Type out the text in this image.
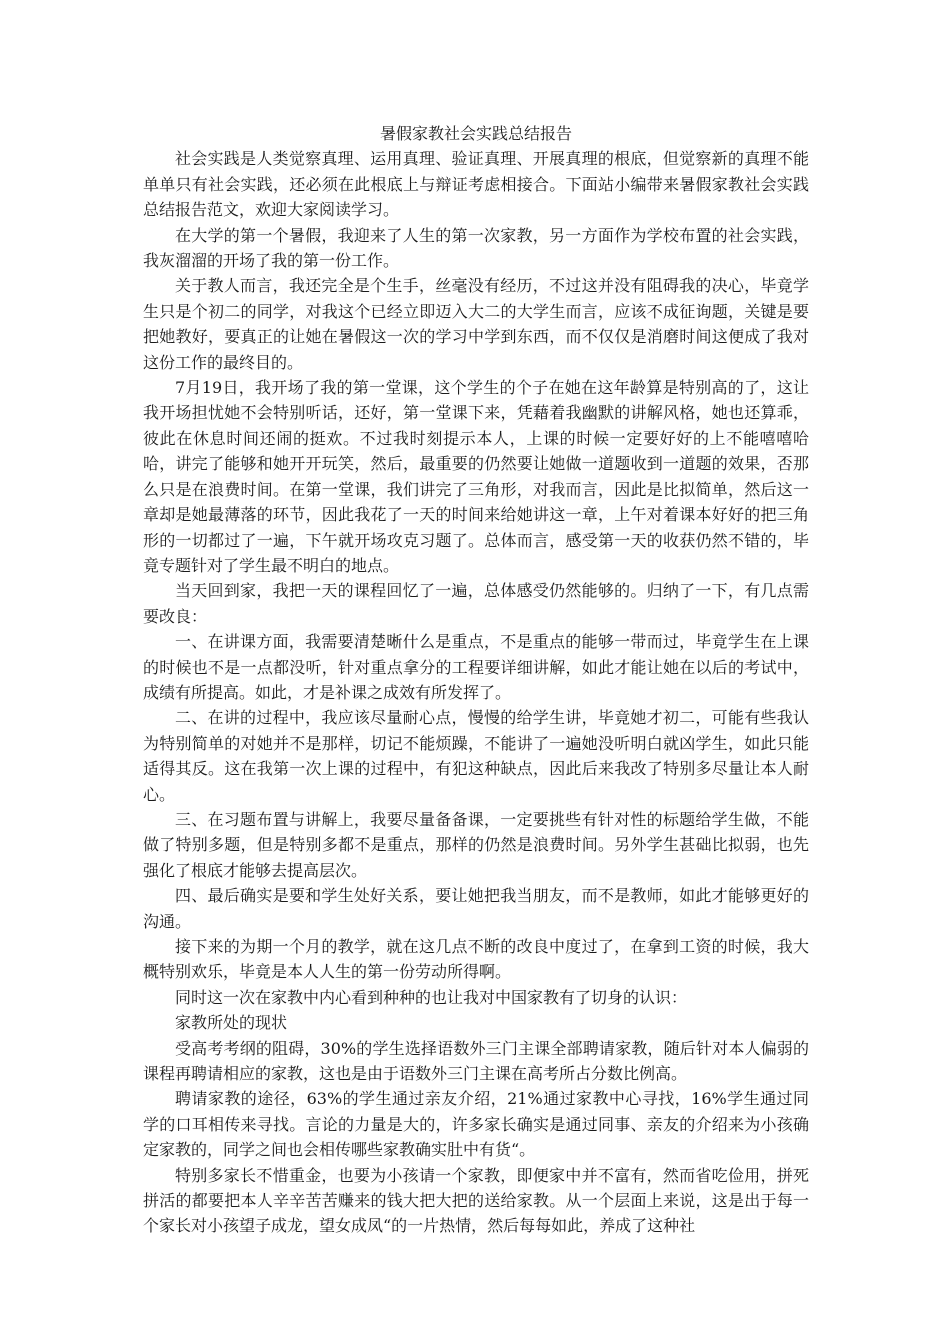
暑假家教社会实践总结报告

社会实践是人类觉察真理、运用真理、验证真理、开展真理的根底，但觉察新的真理不能单单只有社会实践，还必须在此根底上与辩证考虑相接合。下面站小编带来暑假家教社会实践总结报告范文，欢迎大家阅读学习。

在大学的第一个暑假，我迎来了人生的第一次家教，另一方面作为学校布置的社会实践，我灰溜溜的开场了我的第一份工作。

关于教人而言，我还完全是个生手，丝毫没有经历，不过这并没有阻碍我的决心，毕竟学生只是个初二的同学，对我这个已经立即迈入大二的大学生而言，应该不成征询题，关键是要把她教好，要真正的让她在暑假这一次的学习中学到东西，而不仅仅是消磨时间这便成了我对这份工作的最终目的。

7月19日，我开场了我的第一堂课，这个学生的个子在她在这年龄算是特别高的了，这让我开场担忧她不会特别听话，还好，第一堂课下来，凭藉着我幽默的讲解风格，她也还算乖，彼此在休息时间还闹的挺欢。不过我时刻提示本人，上课的时候一定要好好的上不能嘻嘻哈哈，讲完了能够和她开开玩笑，然后，最重要的仍然要让她做一道题收到一道题的效果，否那么只是在浪费时间。在第一堂课，我们讲完了三角形，对我而言，因此是比拟简单，然后这一章却是她最薄落的环节，因此我花了一天的时间来给她讲这一章，上午对着课本好好的把三角形的一切都过了一遍，下午就开场攻克习题了。总体而言，感受第一天的收获仍然不错的，毕竟专题针对了学生最不明白的地点。

当天回到家，我把一天的课程回忆了一遍，总体感受仍然能够的。归纳了一下，有几点需要改良：

一、在讲课方面，我需要清楚晰什么是重点，不是重点的能够一带而过，毕竟学生在上课的时候也不是一点都没听，针对重点拿分的工程要详细讲解，如此才能让她在以后的考试中，成绩有所提高。如此，才是补课之成效有所发挥了。

二、在讲的过程中，我应该尽量耐心点，慢慢的给学生讲，毕竟她才初二，可能有些我认为特别简单的对她并不是那样，切记不能烦躁，不能讲了一遍她没听明白就凶学生，如此只能适得其反。这在我第一次上课的过程中，有犯这种缺点，因此后来我改了特别多尽量让本人耐心。

三、在习题布置与讲解上，我要尽量备备课，一定要挑些有针对性的标题给学生做，不能做了特别多题，但是特别多都不是重点，那样的仍然是浪费时间。另外学生甚础比拟弱，也先强化了根底才能够去提高层次。

四、最后确实是要和学生处好关系，要让她把我当朋友，而不是教师，如此才能够更好的沟通。

接下来的为期一个月的教学，就在这几点不断的改良中度过了，在拿到工资的时候，我大概特别欢乐，毕竟是本人人生的第一份劳动所得啊。

同时这一次在家教中内心看到种种的也让我对中国家教有了切身的认识：

家教所处的现状

受高考考纲的阻碍，30%的学生选择语数外三门主课全部聘请家教，随后针对本人偏弱的课程再聘请相应的家教，这也是由于语数外三门主课在高考所占分数比例高。

聘请家教的途径，63%的学生通过亲友介绍，21%通过家教中心寻找，16%学生通过同学的口耳相传来寻找。言论的力量是大的，许多家长确实是通过同事、亲友的介绍来为小孩确定家教的，同学之间也会相传哪些家教确实肚中有货“。

特别多家长不惜重金，也要为小孩请一个家教，即便家中并不富有，然而省吃俭用，拼死拼活的都要把本人辛辛苦苦赚来的钱大把大把的送给家教。从一个层面上来说，这是出于每一个家长对小孩望子成龙，望女成凤“的一片热情，然后每每如此，养成了这种社
